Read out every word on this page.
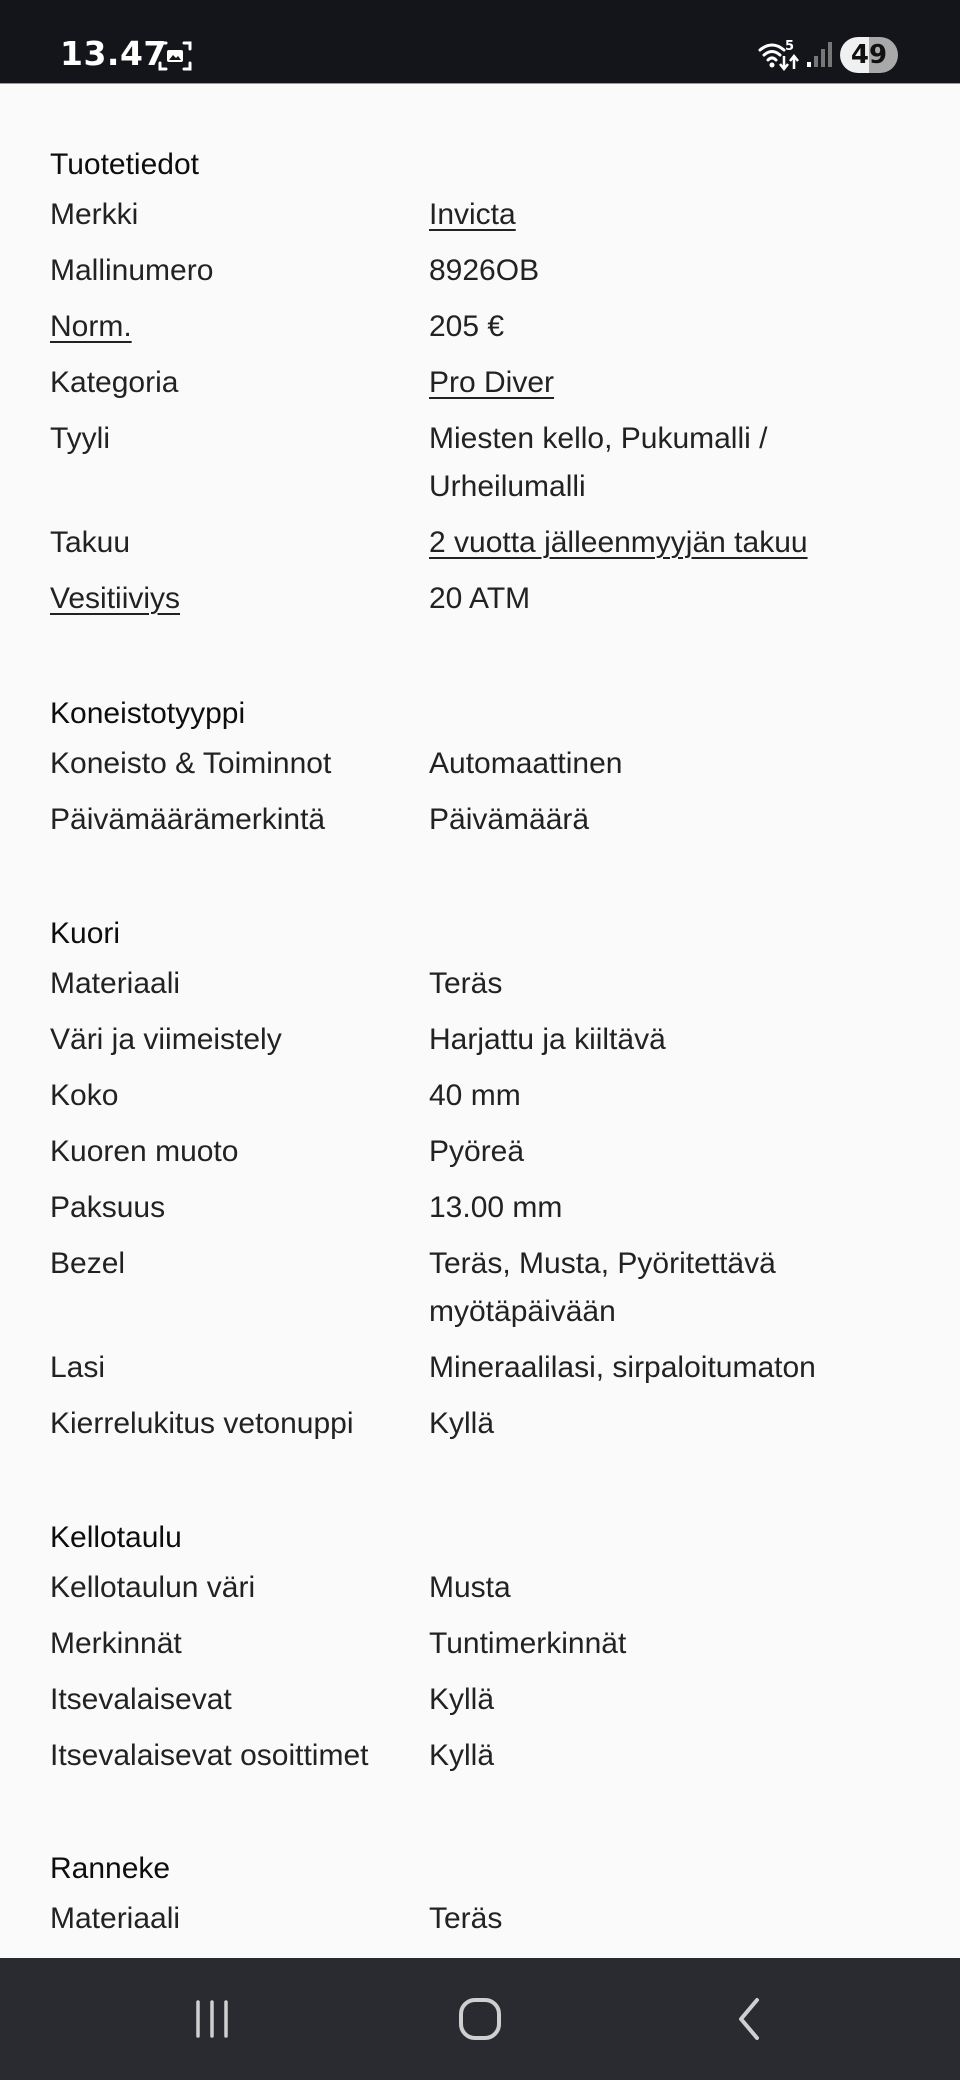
13.47	5	49
Tuotetiedot
Merkki	Invicta
Mallinumero	8926OB
Norm.	205 €
Kategoria	Pro Diver
Tyyli	Miesten kello, Pukumalli / Urheilumalli
Takuu	2 vuotta jälleenmyyjän takuu
Vesitiiviys	20 ATM
Koneistotyyppi
Koneisto & Toiminnot	Automaattinen
Päivämäärämerkintä	Päivämäärä
Kuori
Materiaali	Teräs
Väri ja viimeistely	Harjattu ja kiiltävä
Koko	40 mm
Kuoren muoto	Pyöreä
Paksuus	13.00 mm
Bezel	Teräs, Musta, Pyöritettävä myötäpäivään
Lasi	Mineraalilasi, sirpaloitumaton
Kierrelukitus vetonuppi	Kyllä
Kellotaulu
Kellotaulun väri	Musta
Merkinnät	Tuntimerkinnät
Itsevalaisevat	Kyllä
Itsevalaisevat osoittimet	Kyllä
Ranneke
Materiaali	Teräs
